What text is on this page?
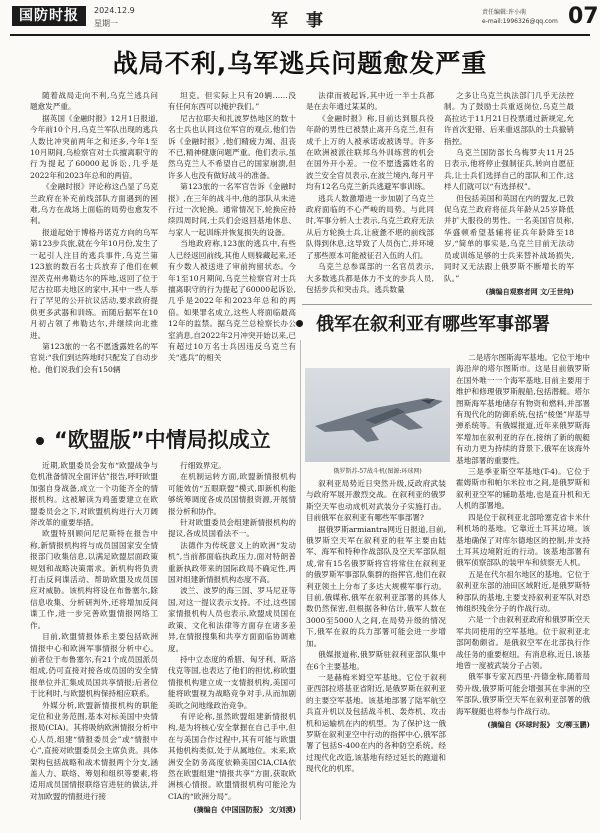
国防时报	2024.12.9
星期一	军 事	责任编辑:许小萌
e-mail:1996326@qq.com 07
战局不利,乌军逃兵问题愈发严重

随着战局走向不利,乌克兰逃兵问题愈发严重。

据英国《金融时报》12月1日报道,今年前10个月,乌克兰军队出现的逃兵人数比冲突前两年之和还多,今年1至10月期间,乌检察官对士兵擅离职守的行为提起了60000起诉讼,几乎是2022年和2023年总和的两倍。

《金融时报》评论称这凸显了乌克兰政府在补充前线部队方面遇到的困难,乌方在战场上面临的局势也愈发不利。

报道起始于博格丹诺克方向的乌军第123步兵旅,就在今年10月份,发生了一起引人注目的逃兵事件,乌克兰第123旅的数百名士兵放弃了他们在顿涅茨克州弗勒达尔的阵地,返回了位于尼古拉耶夫地区的家中,其中一些人举行了罕见的公开抗议活动,要求政府提供更多武器和训练。而随后据军在10月初占领了弗勒达尔,并继续向北推进。

第123旅的一名不愿透露姓名的军官说:“我们到达阵地时只配发了自动步枪。他们说我们会有150辆

坦克。但实际上只有20辆……没有任何东西可以掩护我们。”

尼古拉耶夫和扎波罗热地区的数十名士兵也认同这位军官的观点,他们告诉《金融时报》,他们精疲力竭、沮丧不已,精神健康问题严重。他们表示,虽然乌克兰人不希望自己的国家崩溃,但许多人也没有做好战斗的准备。

第123旅的一名军官告诉《金融时报》,在三年的战斗中,他的部队从未进行过一次轮换。通常情况下,轮换应持续四周时间,士兵们会返回基地休息、与家人一起训练并恢复损失的设备。

当地政府称,123旅的逃兵中,有些人已经返回前线,其他人则躲藏起来,还有少数人被送进了审前拘留状态。今年1至10月期间,乌克兰检察官对士兵擅离职守的行为提起了60000起诉讼,几乎是2022年和2023年总和的两倍。如果罪名成立,这些人将面临最高12年的监禁。据乌克兰总检察长办公室消息,自2022年2月冲突开始以来,已有超过10万名士兵因违反乌克兰有关“逃兵”的相关

法律而被起诉,其中近一半士兵都是在去年通过某某的。

《金融时报》称,目前达到服兵役年龄的男性已被禁止离开乌克兰,但有成千上万的人被承诺或被诱导。许多在欧洲被派往联邦乌外训练营的机会在国外开小差。一位不愿透露姓名的波兰安全官员表示,在波兰境内,每月平均有12名乌克兰新兵逃避军事训练。

逃兵人数激增进一步加剧了乌克兰政府面临的不心严峻的局势。与此同时,军事分析人士表示,乌克兰政府无法从后方轮换士兵,让疲惫不堪的前线部队得到休息,这导致了人员伤亡,并环境了那些原本可能被征召入伍的人们。

乌克兰总参谋部的一名官员表示,大多数逃兵都是体力不支的步兵人员,包括步兵和突击兵。逃兵数量

之多让乌克兰执法部门几乎无法控制。为了鼓励士兵重返岗位,乌克兰最高拉达于11月21日投票通过新规定,允许首次犯错、后来重返部队的士兵撤销指控。

乌克兰国防部长乌梅罗夫11月25日表示,他将停止强制征兵,转向自愿征兵,让士兵们选择自己的部队和工作,这样人们就可以“有选择权”。

但包括美国和英国在内的盟友,已敦促乌克兰政府将征兵年龄从25岁降低并扩大服役的男性。一名美国官员称,华盛顿希望基辅将征兵年龄降至18岁,“简单的事实是,乌克兰目前无法动员或训练足够的士兵来替补战场损失,同时又无法跟上俄罗斯不断增长的军队。”

(摘编自观察者网 文/王世纯)
俄军在叙利亚有哪些军事部署
“欧盟版”中情局拟成立

近期,欧盟委员会发布“欧盟战争与危机准备情况全面评估”报告,呼吁欧盟加强自身战备,成立一个功能齐全的情报机构。这被解读为鸡蛋要建立在欧盟委员会之下,对欧盟机构进行大刀阔斧改革的重要举措。

欧盟特别顾问尼尼斯特在报告中称,新情报机构将与成员国国家安全情报部门收集信息,以满足欧盟层面政策规划和战略决策需求。新机构将负责打击反间谍活动、帮助欧盟及成员国应对威胁。该机构将设在布鲁塞尔,除信息收集、分析研判外,还将增加反间谍工作,进一步完善欧盟情报网络工作。

目前,欧盟情报体系主要包括欧洲情报中心和欧洲军事情报分析中心。前者位于布鲁塞尔,有21个成员国派员组成,仍可直接对接各成员国的安全情报单位并汇集成员国共享情报;后者位于比利时,与欧盟机构保持相应联系。

外媒分析,欧盟新情报机构的职能定位和业务范围,基本对标美国中央情报局(CIA)。其将吸纳欧洲情报分析中心人员,组建“情报委员会”或“情报中心”,直接对欧盟委员会主席负责。具体架构包括战略和战术情报两个分支,涵盖人力、联络、筹划和组织等要素,将适用成员国情报联络官进驻的做法,并对加欧盟的情报进行接

行细致界定。

在机制运转方面,欧盟新情报机构可能效仿“五眼联盟”模式,即新机构能够统筹调度各成员国情报资源,开展情报分析和协作。

针对欧盟委员会组建新情报机构的提议,各成员国看法不一。

法德作为传统意义上的欧洲“发动机”,当前都面临执政压力,面对特朗普重新执政带来的国际政局不确定性,两国对组建新情报机构态度不高。

波兰、波罗的海三国、罗马尼亚等国,对这一提议表示支持。不过,这些国家情报机构人员也表示,欧盟成员国在政策、文化和法律等方面存在诸多差异,在情报搜集和共享方面面临协调难度。

持中立态度的希腊、匈牙利、斯洛伐克等国,也表达了他们的担忧,称欧盟情报机构建立成一支情报机构,美国可能将欧盟视为战略竞争对手,从而加剧美欧之间地缘政治竞争。

有评论称,虽然欧盟组建新情报机构,是为将核心安全掌握在自己手中,但在与美国合作过程中,其有可能与欧盟其他机构类似,处于从属地位。未来,欧洲安全防务高度依赖美国CIA,CIA依然在欧盟组建“情报共享”方面,获取欧洲核心情报。欧盟情报机构可能沦为CIA的“欧洲分局”。

(摘编自《中国国防报》 文/刘漠)
俄罗斯苏-57战斗机(图源:环球网)

叙利亚局势近日突然升级,反政府武装与政府军展开激烈交战。在叙利亚的俄罗斯空天军也动成机对武装分子实施打击。目前俄军在叙利亚有哪些军事部署?

据俄罗斯armiantra网近日报道,目前,俄罗斯空天军在叙利亚的驻军主要由陆军、海军和特种作战部队及空天军部队组成,常有15名俄罗斯将官将常住在叙利亚的俄罗斯军事部队集群的指挥官,他们在叙利亚领土上分布了多达大规模军事行动。目前,俄媒称,俄军在叙利亚部署的具体人数仍然保密,但根据各种估计,俄军人数在3000至5000人之间,在局势升级的情况下,俄军在叙的兵力部署可能会进一步增加。

俄媒报道称,俄罗斯驻叙利亚部队集中在6个主要基地。

一是赫梅米姆空军基地。它位于叙利亚西部拉塔基亚省附近,是俄罗斯在叙利亚的主要空军基地。该基地部署了陆军航空兵直升机以及包括战斗机、轰炸机、攻击机和运输机在内的机型。为了保护这一俄罗斯在叙利亚空中行动的指挥中心,俄军部署了包括S-400在内的各种防空系统。经过现代化改造,该基地有经过延长的跑道和现代化的机库。

二是塔尔图斯海军基地。它位于地中海沿岸的塔尔图斯市。这是目前俄罗斯在国外唯一一个海军基地,目前主要用于维护和修理俄罗斯舰船,包括潜艇。塔尔图斯海军基地储存有物资和燃料,并部署有现代化的防御系统,包括“棱堡”岸基导弹系统等。有俄媒报道,近年来俄罗斯海军增加在叙利亚的存在,接纳了新的舰艇有动力更为持续的背景下,俄军在该海外基地部署的重要性。

三是季亚斯空军基地(T-4)。它位于霍姆斯市和帕尔米拉市之间,是俄罗斯和叙利亚空军的辅助基地,也是直升机和无人机的部署地。

四是位于叙利亚北部哈塞克省卡米什利机场的基地。它靠近土耳其边境。该基地确保了对库尔德地区的控制,并支持土耳其边境附近的行动。该基地部署有俄军侦察部队的装甲车和侦察无人机。

五是在代尔祖尔地区的基地。它位于叙利亚东部的油田区域附近,是俄罗斯特种部队的基地,主要支持叙利亚军队对恐怖组织残余分子的作战行动。

六是一个由叙利亚政府和俄罗斯空天军共同使用的空军基地。位于叙利亚北部阿勒颇省。是俄叙空军在北部执行作战任务的重要枢纽。有消息称,近日,该基地曾一度被武装分子占领。

俄军事专家瓦西里·丹德金称,随着局势升级,俄罗斯可能会增强其在非洲的空军部队,俄罗斯空天军在叙利亚部署的俄海军舰艇也将参与作战行动。

(摘编自《环球时报》 文/柳玉鹏)
